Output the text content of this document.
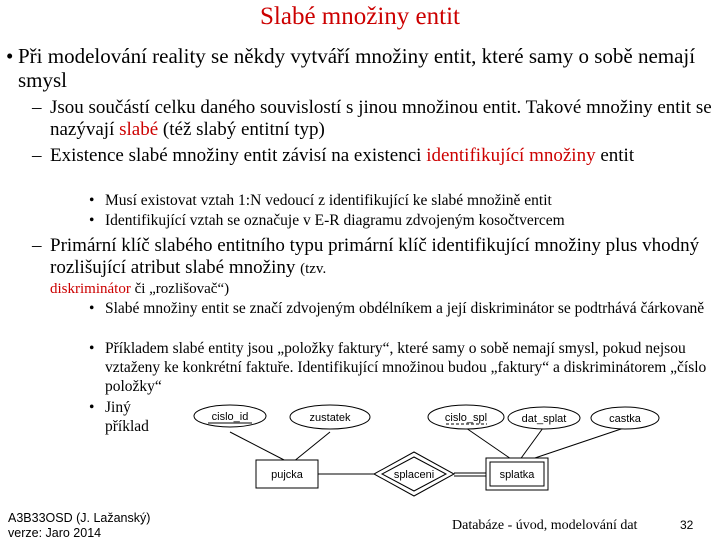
Slabé množiny entit
• Při modelování reality se někdy vytváří množiny entit, které samy o sobě nemají smysl
– Jsou součástí celku daného souvislostí s jinou množinou entit. Takové množiny entit se nazývají slabé (též slabý entitní typ)
– Existence slabé množiny entit závisí na existenci identifikující množiny entit
• Musí existovat vztah 1:N vedoucí z identifikující ke slabé množině entit
• Identifikující vztah se označuje v E-R diagramu zdvojeným kosočtvercem
– Primární klíč slabého entitního typu primární klíč identifikující množiny plus vhodný rozlišující atribut slabé množiny (tzv.
diskriminátor či „rozlišovač“)
• Slabé množiny entit se značí zdvojeným obdélníkem a její diskriminátor se podtrhává čárkovaně
• Příkladem slabé entity jsou „položky faktury“, které samy o sobě nemají smysl, pokud nejsou vztaženy ke konkrétní faktuře. Identifikující množinou budou „faktury“ a diskriminátorem „číslo položky“
• Jiný příklad
cislo_id	zustatek	cislo_spl	dat_splat	castka
pujcka	splaceni	splatka
A3B33OSD (J. Lažanský)
verze: Jaro 2014	Databáze - úvod, modelování dat	32
